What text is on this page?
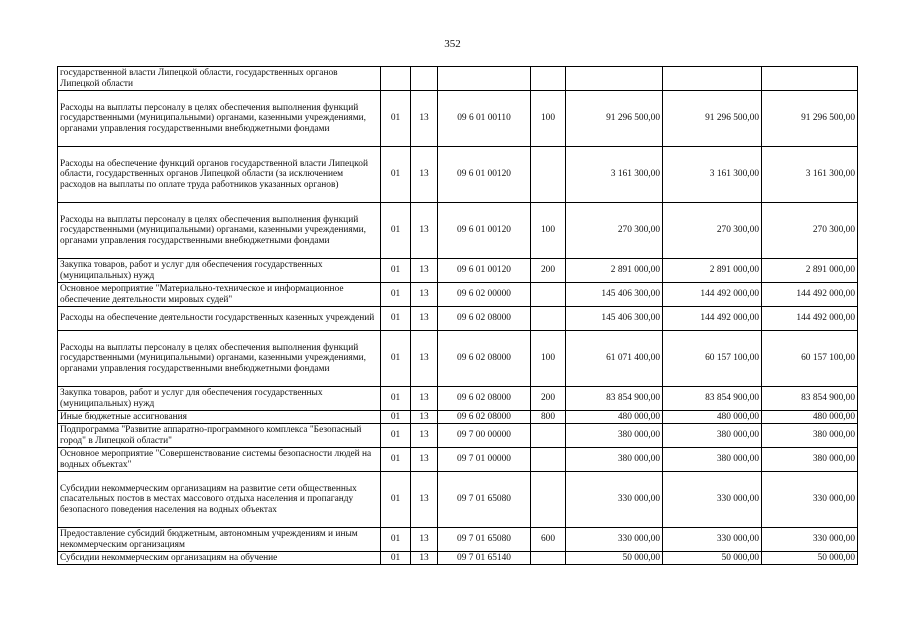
352
государственной власти Липецкой области, государственных органов Липецкой области							
Расходы на выплаты персоналу в целях обеспечения выполнения функций государственными (муниципальными) органами, казенными учреждениями, органами управления государственными внебюджетными фондами	01	13	09 6 01 00110	100	91 296 500,00	91 296 500,00	91 296 500,00
Расходы на обеспечение функций органов государственной власти Липецкой области, государственных органов Липецкой области (за исключением расходов на выплаты по оплате труда работников указанных органов)	01	13	09 6 01 00120		3 161 300,00	3 161 300,00	3 161 300,00
Расходы на выплаты персоналу в целях обеспечения выполнения функций государственными (муниципальными) органами, казенными учреждениями, органами управления государственными внебюджетными фондами	01	13	09 6 01 00120	100	270 300,00	270 300,00	270 300,00
Закупка товаров, работ и услуг для обеспечения государственных (муниципальных) нужд	01	13	09 6 01 00120	200	2 891 000,00	2 891 000,00	2 891 000,00
Основное мероприятие "Материально-техническое и информационное обеспечение деятельности мировых судей"	01	13	09 6 02 00000		145 406 300,00	144 492 000,00	144 492 000,00
Расходы на обеспечение деятельности государственных казенных учреждений	01	13	09 6 02 08000		145 406 300,00	144 492 000,00	144 492 000,00
Расходы на выплаты персоналу в целях обеспечения выполнения функций государственными (муниципальными) органами, казенными учреждениями, органами управления государственными внебюджетными фондами	01	13	09 6 02 08000	100	61 071 400,00	60 157 100,00	60 157 100,00
Закупка товаров, работ и услуг для обеспечения государственных (муниципальных) нужд	01	13	09 6 02 08000	200	83 854 900,00	83 854 900,00	83 854 900,00
Иные бюджетные ассигнования	01	13	09 6 02 08000	800	480 000,00	480 000,00	480 000,00
Подпрограмма "Развитие аппаратно-программного комплекса "Безопасный город" в Липецкой области"	01	13	09 7 00 00000		380 000,00	380 000,00	380 000,00
Основное мероприятие "Совершенствование системы безопасности людей на водных объектах"	01	13	09 7 01 00000		380 000,00	380 000,00	380 000,00
Субсидии некоммерческим организациям на развитие сети общественных спасательных постов в местах массового отдыха населения и пропаганду безопасного поведения населения на водных объектах	01	13	09 7 01 65080		330 000,00	330 000,00	330 000,00
Предоставление субсидий бюджетным, автономным учреждениям и иным некоммерческим организациям	01	13	09 7 01 65080	600	330 000,00	330 000,00	330 000,00
Субсидии некоммерческим организациям на обучение	01	13	09 7 01 65140		50 000,00	50 000,00	50 000,00
